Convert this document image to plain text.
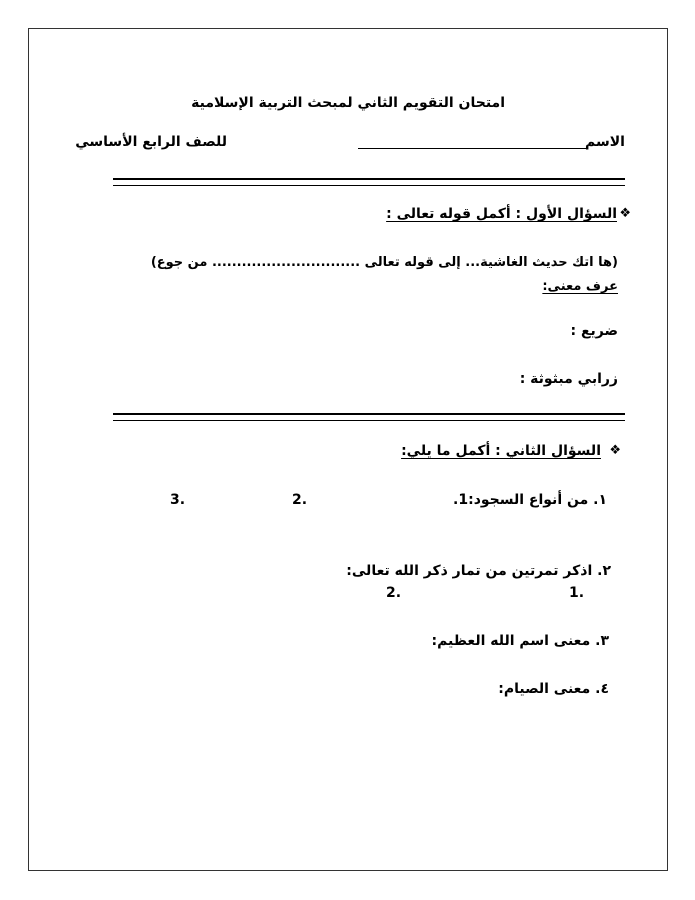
امتحان التقويم الثاني لمبحث التربية الإسلامية
الاسم
للصف الرابع الأساسي
❖
السؤال الأول : أكمل قوله تعالى :
(ها اتك حديث الغاشية... إلى قوله تعالى .............................. من جوع)
عرف معنى:
ضريع :
زرابي مبثوثة :
❖
السؤال الثاني : أكمل ما يلي:
١. من أنواع السجود:1.
2.
3.
٢. اذكر تمرتين من تمار ذكر الله تعالى:
1.
2.
٣. معنى اسم الله العظيم:
٤. معنى الصيام:
